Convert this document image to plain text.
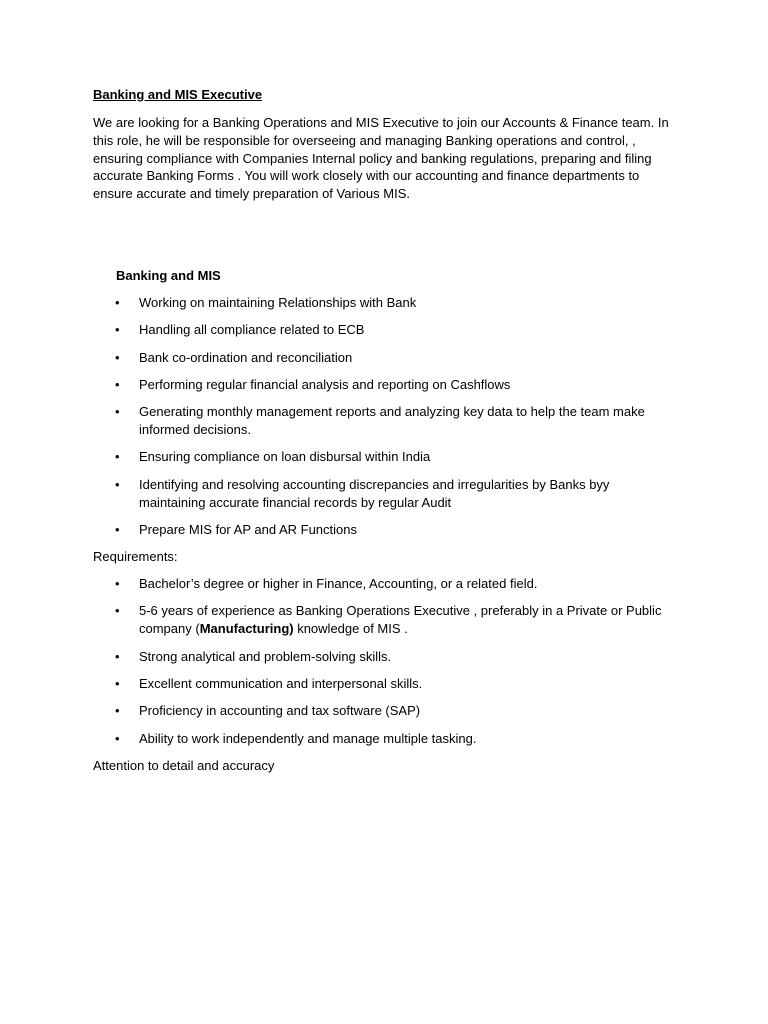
Banking and MIS Executive

We are looking for a Banking Operations and MIS Executive to join our Accounts & Finance team. In this role, he will be responsible for overseeing and managing Banking operations and control, , ensuring compliance with Companies Internal policy and banking regulations, preparing and filing accurate Banking Forms . You will work closely with our accounting and finance departments to ensure accurate and timely preparation of Various MIS.

Banking and MIS
•	Working on maintaining Relationships with Bank
•	Handling all compliance related to ECB
•	Bank co-ordination and reconciliation
•	Performing regular financial analysis and reporting on Cashflows
•	Generating monthly management reports and analyzing key data to help the team make informed decisions.
•	Ensuring compliance on loan disbursal within India
•	Identifying and resolving accounting discrepancies and irregularities by Banks byy maintaining accurate financial records by regular Audit
•	Prepare MIS for AP and AR Functions
Requirements:
•	Bachelor’s degree or higher in Finance, Accounting, or a related field.
•	5-6 years of experience as Banking Operations Executive , preferably in a Private or Public company (Manufacturing) knowledge of MIS .
•	Strong analytical and problem-solving skills.
•	Excellent communication and interpersonal skills.
•	Proficiency in accounting and tax software (SAP)
•	Ability to work independently and manage multiple tasking.
Attention to detail and accuracy
